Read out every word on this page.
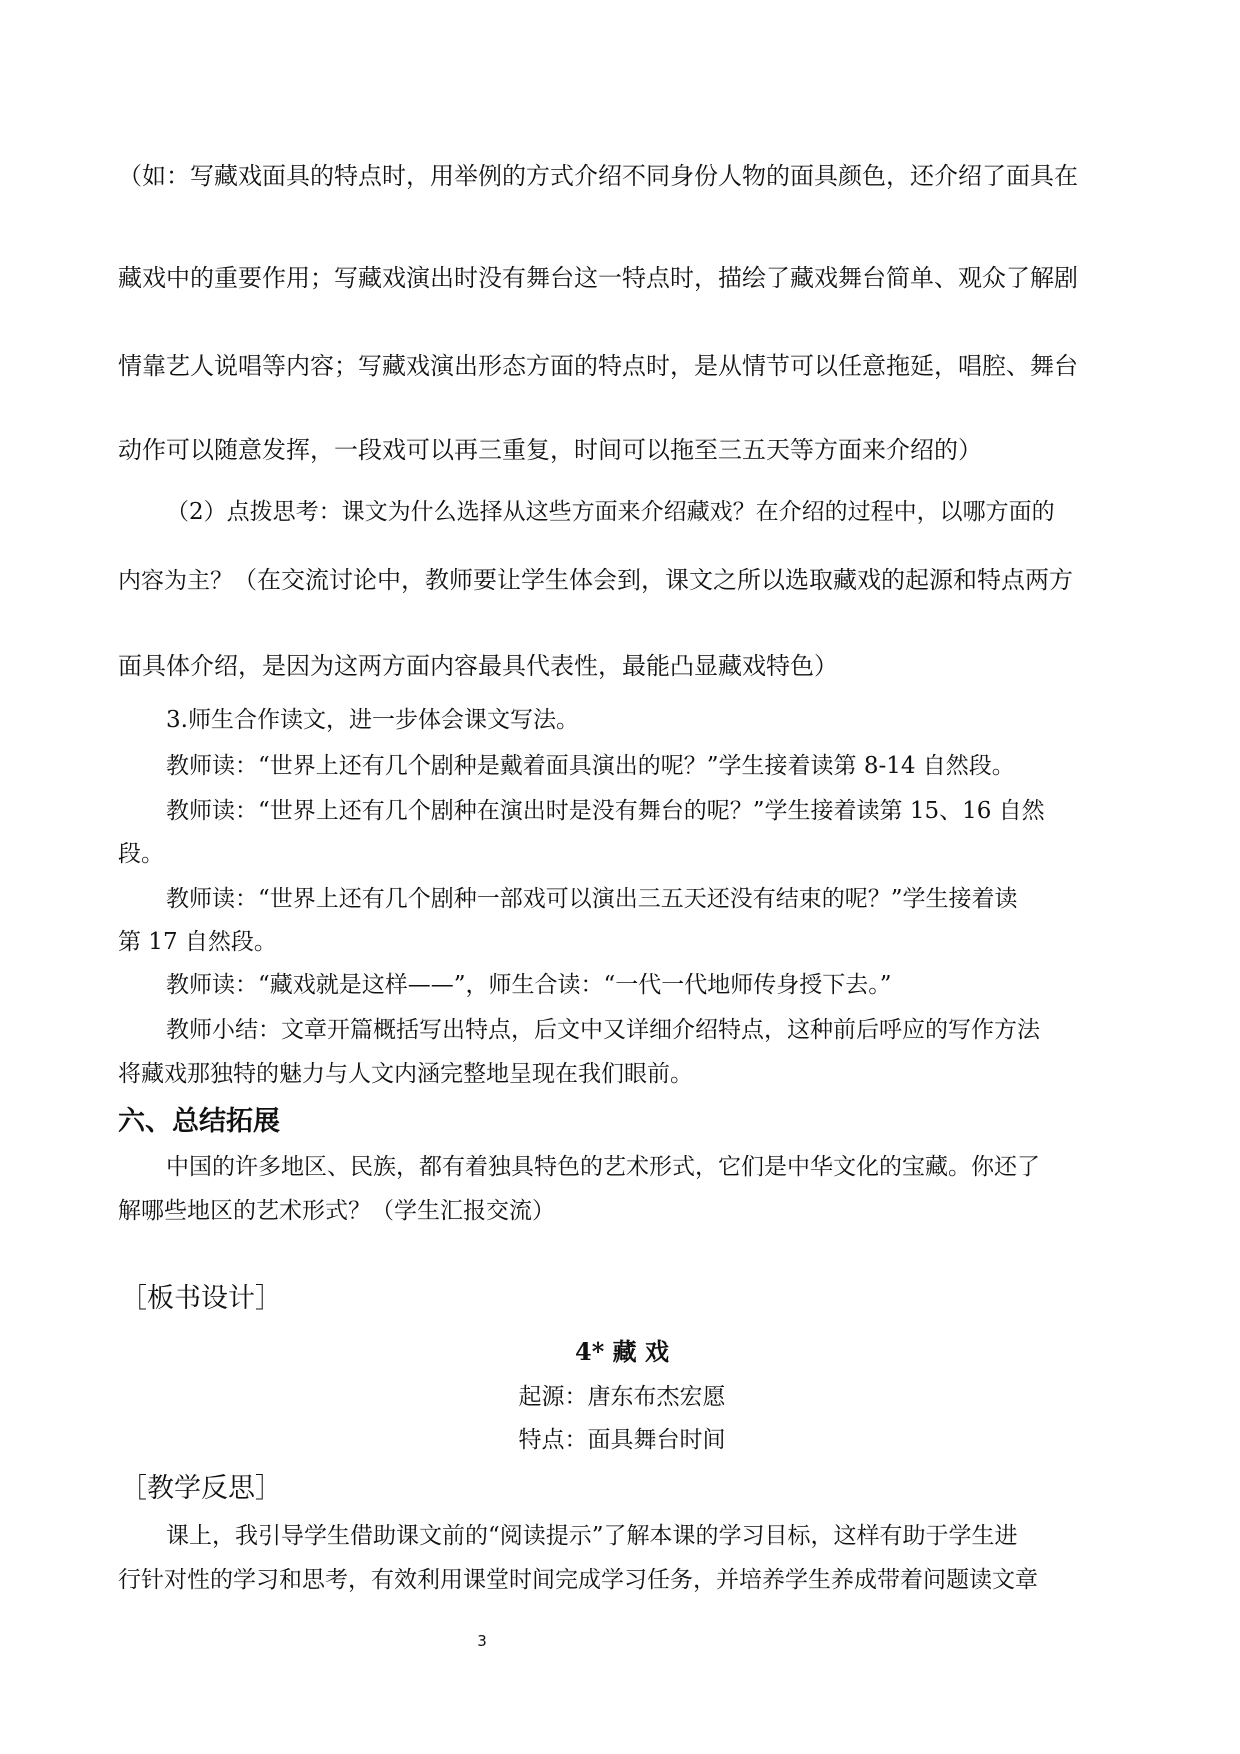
（如：写藏戏面具的特点时，用举例的方式介绍不同身份人物的面具颜色，还介绍了面具在
藏戏中的重要作用；写藏戏演出时没有舞台这一特点时，描绘了藏戏舞台简单、观众了解剧
情靠艺人说唱等内容；写藏戏演出形态方面的特点时，是从情节可以任意拖延，唱腔、舞台
动作可以随意发挥，一段戏可以再三重复，时间可以拖至三五天等方面来介绍的）
（2）点拨思考：课文为什么选择从这些方面来介绍藏戏？在介绍的过程中，以哪方面的
内容为主？（在交流讨论中，教师要让学生体会到，课文之所以选取藏戏的起源和特点两方
面具体介绍，是因为这两方面内容最具代表性，最能凸显藏戏特色）
3.师生合作读文，进一步体会课文写法。
教师读：“世界上还有几个剧种是戴着面具演出的呢？”学生接着读第 8-14 自然段。
教师读：“世界上还有几个剧种在演出时是没有舞台的呢？”学生接着读第 15、16 自然
段。
教师读：“世界上还有几个剧种一部戏可以演出三五天还没有结束的呢？”学生接着读
第 17 自然段。
教师读：“藏戏就是这样——”，师生合读：“一代一代地师传身授下去。”
教师小结：文章开篇概括写出特点，后文中又详细介绍特点，这种前后呼应的写作方法
将藏戏那独特的魅力与人文内涵完整地呈现在我们眼前。
六、总结拓展
中国的许多地区、民族，都有着独具特色的艺术形式，它们是中华文化的宝藏。你还了
解哪些地区的艺术形式？（学生汇报交流）
［板书设计］
4* 藏 戏
起源：唐东布杰宏愿
特点：面具舞台时间
［教学反思］
课上，我引导学生借助课文前的“阅读提示”了解本课的学习目标，这样有助于学生进
行针对性的学习和思考，有效利用课堂时间完成学习任务，并培养学生养成带着问题读文章
3
